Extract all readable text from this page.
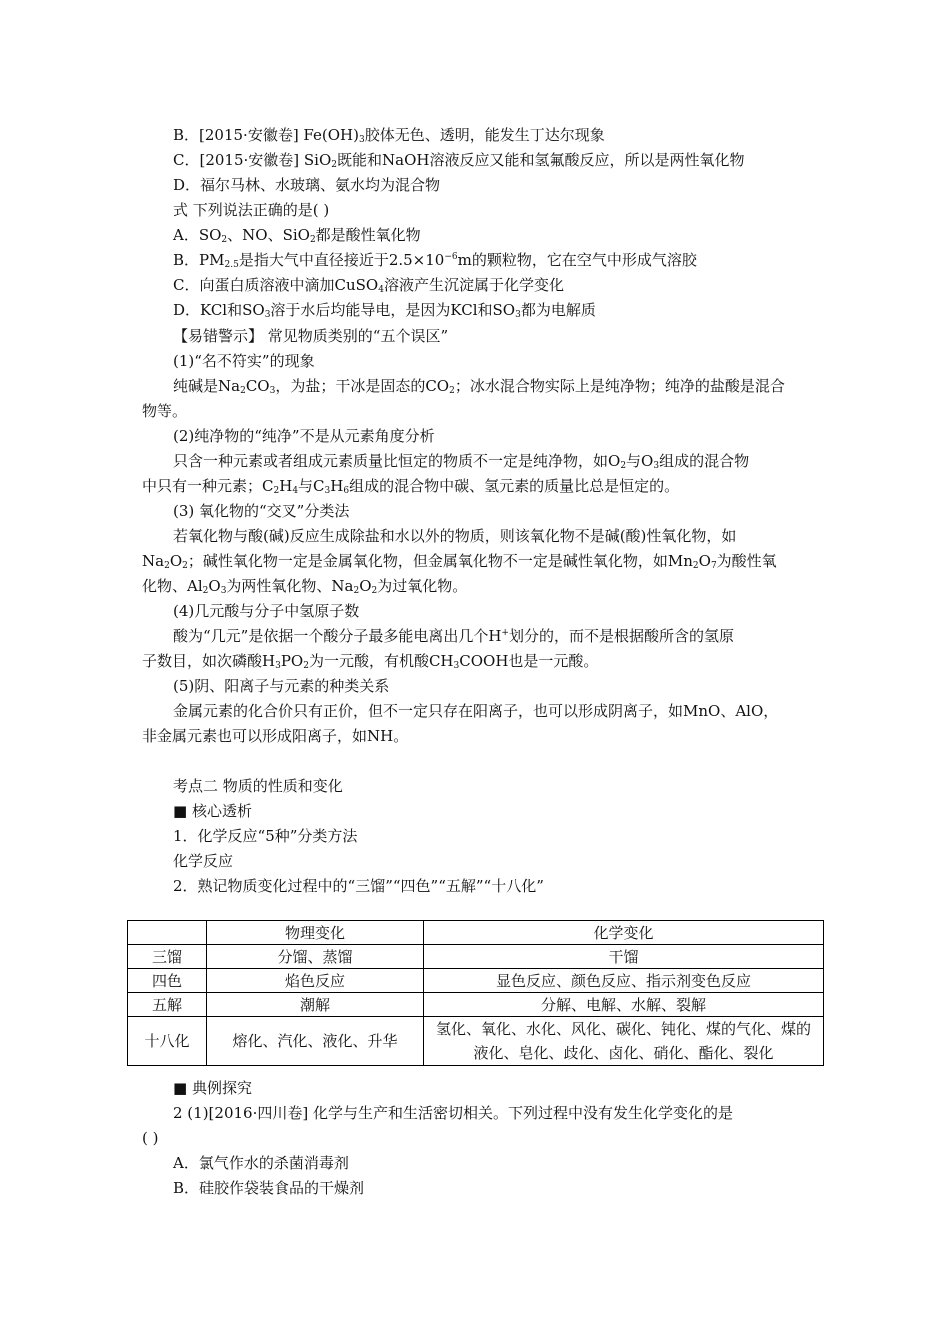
B．[2015·安徽卷] $Fe(OH)_3$胶体无色、透明，能发生丁达尔现象
C．[2015·安徽卷] SiO$_2$既能和NaOH溶液反应又能和氢氟酸反应，所以是两性氧化物
D．福尔马林、水玻璃、氨水均为混合物
式 下列说法正确的是( )
A．$SO_2$、NO、SiO$_2$都是酸性氧化物
B．$PM_{2.5}$是指大气中直径接近于$2.5\times 10^{-6}m$的颗粒物，它在空气中形成气溶胶
C．向蛋白质溶液中滴加CuSO$_4$溶液产生沉淀属于化学变化
D．KCl和$SO_3$溶于水后均能导电，是因为KCl和$SO_3$都为电解质
【易错警示】 常见物质类别的“五个误区”
(1)“名不符实”的现象
纯碱是$Na_2CO_3$，为盐；干冰是固态的$CO_2$；冰水混合物实际上是纯净物；纯净的盐酸是混合
物等。
(2)纯净物的“纯净”不是从元素角度分析
只含一种元素或者组成元素质量比恒定的物质不一定是纯净物，如$O_2$与$O_3$组成的混合物
中只有一种元素；$C_2H_4$与$C_3H_6$组成的混合物中碳、氢元素的质量比总是恒定的。
(3) 氧化物的“交叉”分类法
若氧化物与酸(碱)反应生成除盐和水以外的物质，则该氧化物不是碱(酸)性氧化物，如
$Na_2O_2$；碱性氧化物一定是金属氧化物，但金属氧化物不一定是碱性氧化物，如$Mn_2O_7$为酸性氧
化物、$Al_2O_3$为两性氧化物、$Na_2O_2$为过氧化物。
(4)几元酸与分子中氢原子数
酸为“几元”是依据一个酸分子最多能电离出几个H+划分的，而不是根据酸所含的氢原
子数目，如次磷酸$H_3PO_2$为一元酸，有机酸$CH_3COOH$也是一元酸。
(5)阴、阳离子与元素的种类关系
金属元素的化合价只有正价，但不一定只存在阳离子，也可以形成阴离子，如MnO、AlO，
非金属元素也可以形成阳离子，如NH。
考点二 物质的性质和变化
■ 核心透析
1．化学反应“5种”分类方法
化学反应
2．熟记物质变化过程中的“三馏”“四色”“五解”“十八化”
	物理变化	化学变化
三馏	分馏、蒸馏	干馏
四色	焰色反应	显色反应、颜色反应、指示剂变色反应
五解	潮解	分解、电解、水解、裂解
十八化	熔化、汽化、液化、升华	氢化、氧化、水化、风化、碳化、钝化、煤的气化、煤的
液化、皂化、歧化、卤化、硝化、酯化、裂化
■ 典例探究
2 (1)[2016·四川卷] 化学与生产和生活密切相关。下列过程中没有发生化学变化的是
( )
A．氯气作水的杀菌消毒剂
B．硅胶作袋装食品的干燥剂
